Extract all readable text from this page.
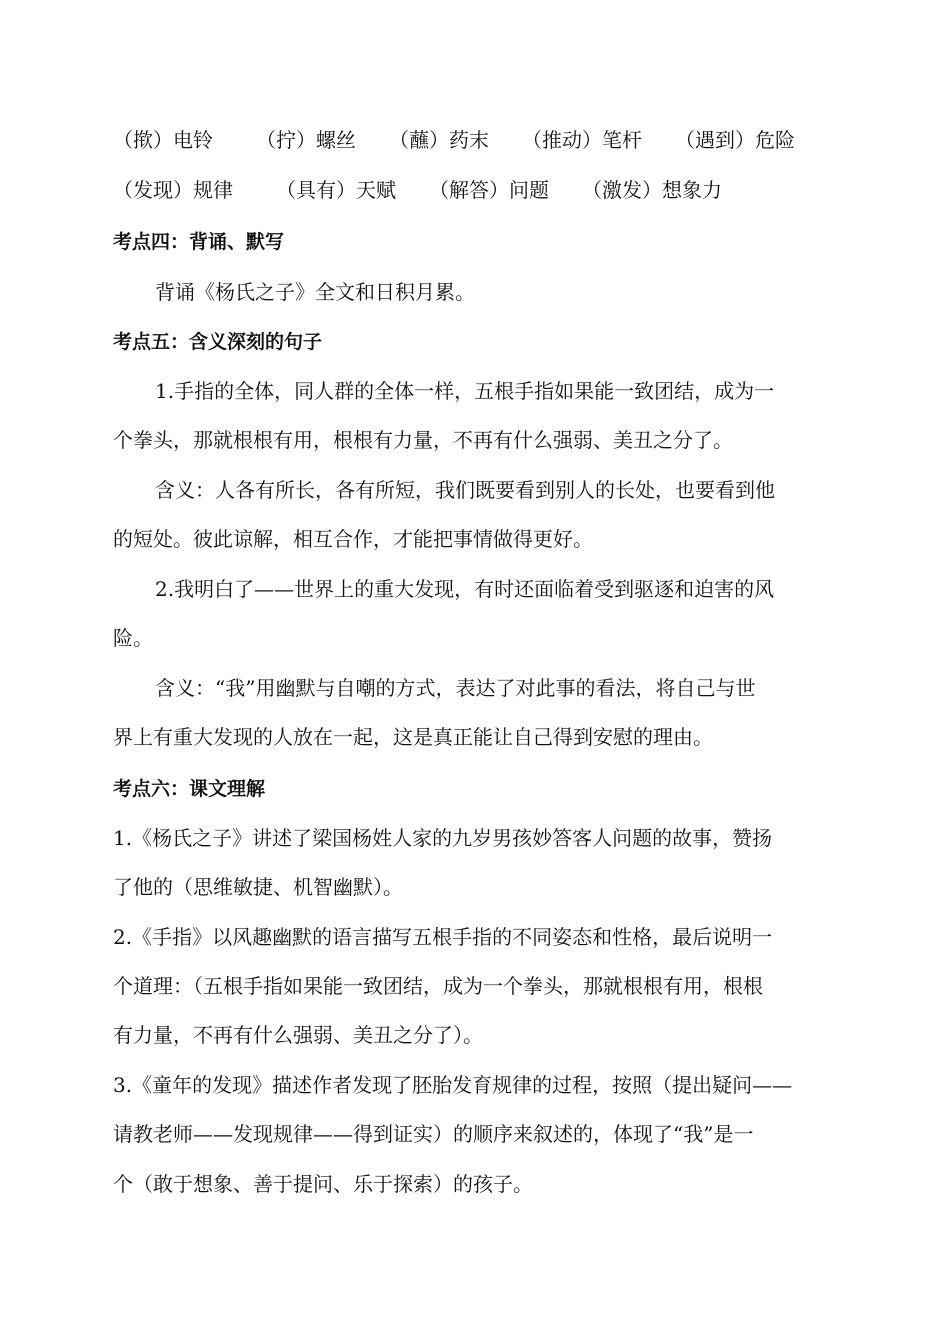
（揿）电铃 （拧）螺丝 （蘸）药末 （推动）笔杆 （遇到）危险
（发现）规律 （具有）天赋 （解答）问题 （激发）想象力
考点四：背诵、默写
背诵《杨氏之子》全文和日积月累。
考点五：含义深刻的句子
1.手指的全体，同人群的全体一样，五根手指如果能一致团结，成为一
个拳头，那就根根有用，根根有力量，不再有什么强弱、美丑之分了。
含义：人各有所长，各有所短，我们既要看到别人的长处，也要看到他
的短处。彼此谅解，相互合作，才能把事情做得更好。
2.我明白了——世界上的重大发现，有时还面临着受到驱逐和迫害的风
险。
含义：“我”用幽默与自嘲的方式，表达了对此事的看法，将自己与世
界上有重大发现的人放在一起，这是真正能让自己得到安慰的理由。
考点六：课文理解
1.《杨氏之子》讲述了梁国杨姓人家的九岁男孩妙答客人问题的故事，赞扬
了他的（思维敏捷、机智幽默）。
2.《手指》以风趣幽默的语言描写五根手指的不同姿态和性格，最后说明一
个道理：（五根手指如果能一致团结，成为一个拳头，那就根根有用，根根
有力量，不再有什么强弱、美丑之分了）。
3.《童年的发现》描述作者发现了胚胎发育规律的过程，按照（提出疑问——
请教老师——发现规律——得到证实）的顺序来叙述的，体现了“我”是一
个（敢于想象、善于提问、乐于探索）的孩子。
